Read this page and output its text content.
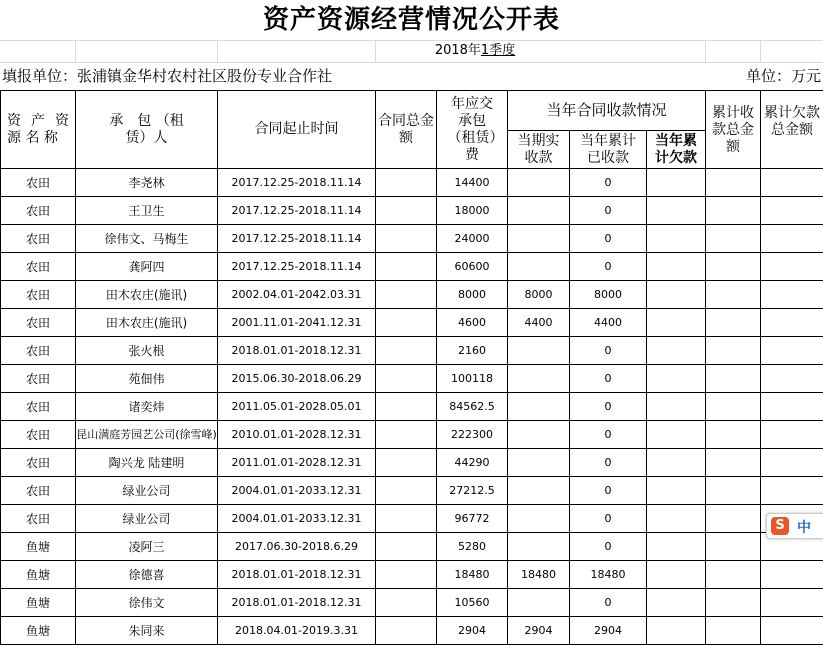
资产资源经营情况公开表
2018年1季度
填报单位：张浦镇金华村农村社区股份专业合作社	单位：万元
资 产 资 源 名 称	承　包 （租赁）人	合同起止时间	合同总金额	年应交承包（租赁）费	当年合同收款情况			累计收款总金额	累计欠款总金额
					当期实收款	当年累计已收款	当年累计欠款		
农田	李尧林	2017.12.25-2018.11.14		14400		0			
农田	王卫生	2017.12.25-2018.11.14		18000		0			
农田	徐伟文、马梅生	2017.12.25-2018.11.14		24000		0			
农田	龚阿四	2017.12.25-2018.11.14		60600		0			
农田	田木农庄(施讯)	2002.04.01-2042.03.31		8000	8000	8000			
农田	田木农庄(施讯)	2001.11.01-2041.12.31		4600	4400	4400			
农田	张火根	2018.01.01-2018.12.31		2160		0			
农田	苑佃伟	2015.06.30-2018.06.29		100118		0			
农田	诸奕炜	2011.05.01-2028.05.01		84562.5		0			
农田	昆山满庭芳园艺公司(徐雪峰)	2010.01.01-2028.12.31		222300		0			
农田	陶兴龙 陆建明	2011.01.01-2028.12.31		44290		0			
农田	绿业公司	2004.01.01-2033.12.31		27212.5		0			
农田	绿业公司	2004.01.01-2033.12.31		96772		0			
鱼塘	凌阿三	2017.06.30-2018.6.29		5280		0			
鱼塘	徐德喜	2018.01.01-2018.12.31		18480	18480	18480			
鱼塘	徐伟文	2018.01.01-2018.12.31		10560		0			
鱼塘	朱同来	2018.04.01-2019.3.31		2904	2904	2904			
S 中
